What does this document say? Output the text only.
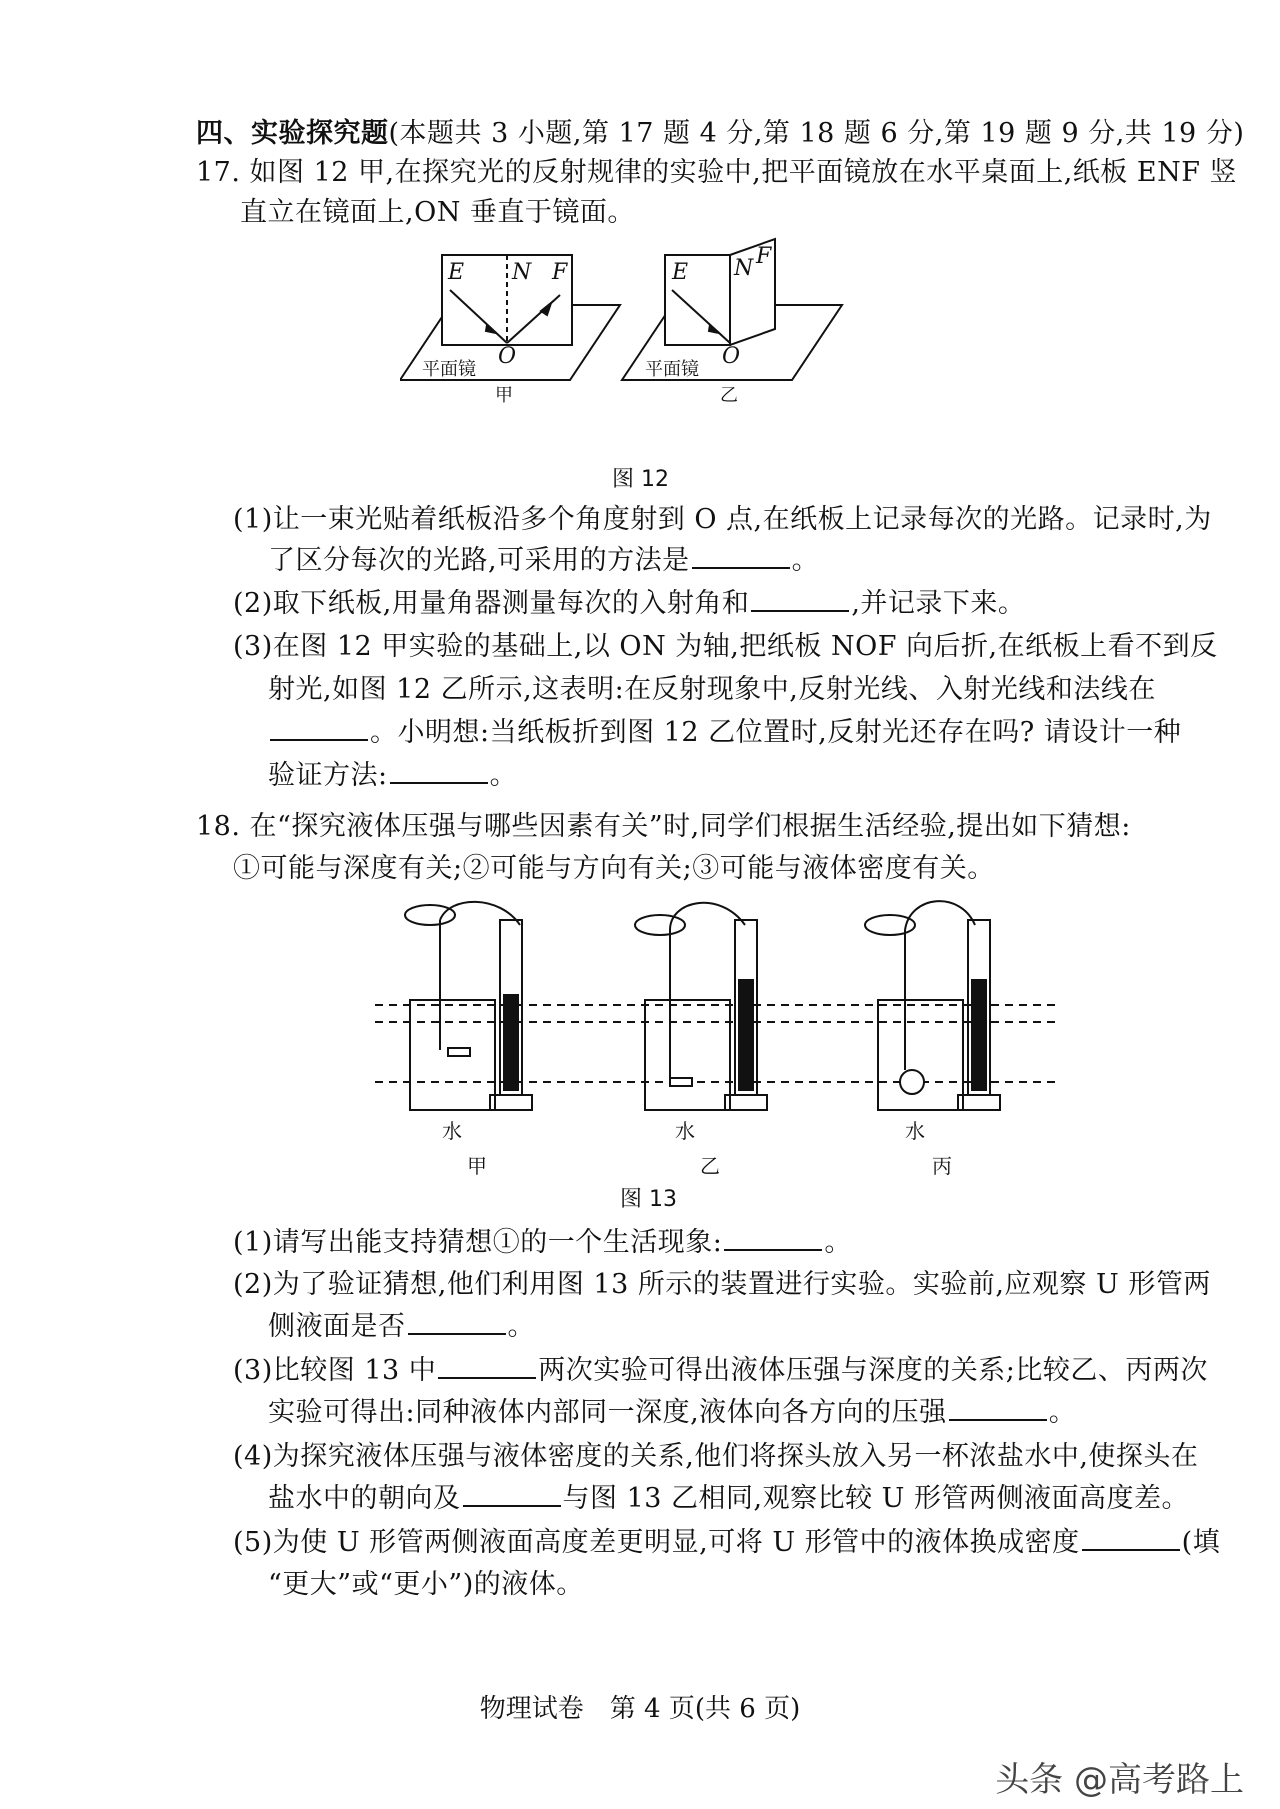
四、实验探究题(本题共 3 小题,第 17 题 4 分,第 18 题 6 分,第 19 题 9 分,共 19 分)
17. 如图 12 甲,在探究光的反射规律的实验中,把平面镜放在水平桌面上,纸板 ENF 竖
直立在镜面上,ON 垂直于镜面。
E N F
O
E N F
O
平面镜	平面镜
甲	乙
图 12
(1)让一束光贴着纸板沿多个角度射到 O 点,在纸板上记录每次的光路。记录时,为
了区分每次的光路,可采用的方法是	。
(2)取下纸板,用量角器测量每次的入射角和	,并记录下来。
(3)在图 12 甲实验的基础上,以 ON 为轴,把纸板 NOF 向后折,在纸板上看不到反
射光,如图 12 乙所示,这表明:在反射现象中,反射光线、入射光线和法线在
。小明想:当纸板折到图 12 乙位置时,反射光还存在吗? 请设计一种
验证方法:	。
18. 在“探究液体压强与哪些因素有关”时,同学们根据生活经验,提出如下猜想:
①可能与深度有关;②可能与方向有关;③可能与液体密度有关。
水	水	水
甲	乙	丙
图 13
(1)请写出能支持猜想①的一个生活现象:	。
(2)为了验证猜想,他们利用图 13 所示的装置进行实验。实验前,应观察 U 形管两
侧液面是否	。
(3)比较图 13 中	两次实验可得出液体压强与深度的关系;比较乙、丙两次
实验可得出:同种液体内部同一深度,液体向各方向的压强	。
(4)为探究液体压强与液体密度的关系,他们将探头放入另一杯浓盐水中,使探头在
盐水中的朝向及	与图 13 乙相同,观察比较 U 形管两侧液面高度差。
(5)为使 U 形管两侧液面高度差更明显,可将 U 形管中的液体换成密度	(填
“更大”或“更小”)的液体。
物理试卷　第 4 页(共 6 页)
头条 @高考路上
